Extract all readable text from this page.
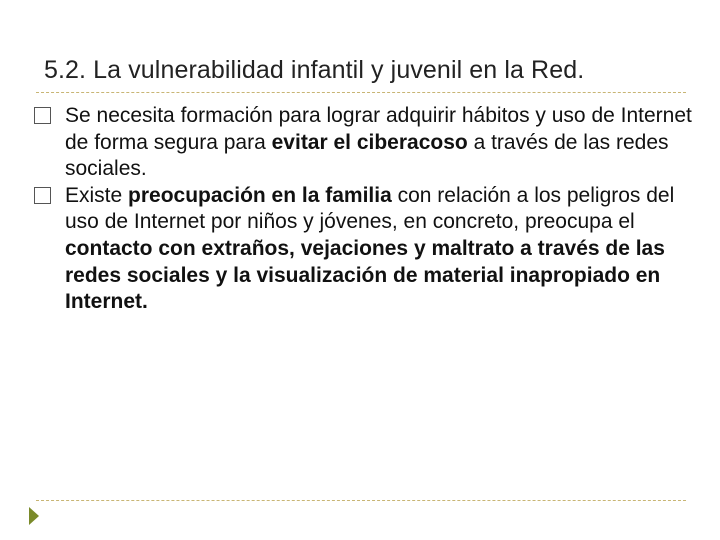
5.2. La vulnerabilidad infantil y juvenil en la Red.
Se necesita formación para lograr adquirir hábitos y uso de Internet de forma segura para evitar el ciberacoso a través de las redes sociales.
Existe preocupación en la familia con relación a los peligros del uso de Internet por niños y jóvenes, en concreto, preocupa el contacto con extraños, vejaciones y maltrato a través de las redes sociales y la visualización de material inapropiado en Internet.
